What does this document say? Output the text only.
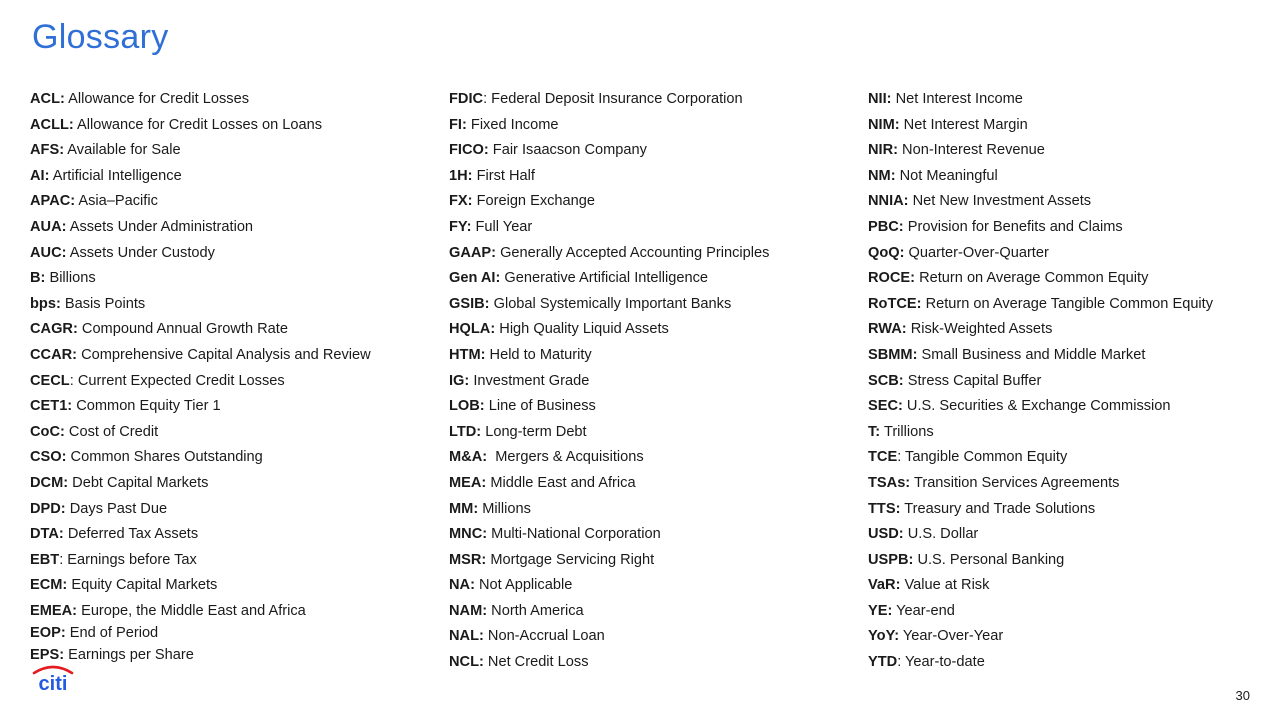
Glossary
ACL: Allowance for Credit Losses
ACLL: Allowance for Credit Losses on Loans
AFS: Available for Sale
AI: Artificial Intelligence
APAC: Asia–Pacific
AUA: Assets Under Administration
AUC: Assets Under Custody
B: Billions
bps: Basis Points
CAGR: Compound Annual Growth Rate
CCAR: Comprehensive Capital Analysis and Review
CECL: Current Expected Credit Losses
CET1: Common Equity Tier 1
CoC: Cost of Credit
CSO: Common Shares Outstanding
DCM: Debt Capital Markets
DPD: Days Past Due
DTA: Deferred Tax Assets
EBT: Earnings before Tax
ECM: Equity Capital Markets
EMEA: Europe, the Middle East and Africa
EOP: End of Period
EPS: Earnings per Share
FDIC: Federal Deposit Insurance Corporation
FI: Fixed Income
FICO: Fair Isaacson Company
1H: First Half
FX: Foreign Exchange
FY: Full Year
GAAP: Generally Accepted Accounting Principles
Gen AI: Generative Artificial Intelligence
GSIB: Global Systemically Important Banks
HQLA: High Quality Liquid Assets
HTM: Held to Maturity
IG: Investment Grade
LOB: Line of Business
LTD: Long-term Debt
M&A:  Mergers & Acquisitions
MEA: Middle East and Africa
MM: Millions
MNC: Multi-National Corporation
MSR: Mortgage Servicing Right
NA: Not Applicable
NAM: North America
NAL: Non-Accrual Loan
NCL: Net Credit Loss
NII: Net Interest Income
NIM: Net Interest Margin
NIR: Non-Interest Revenue
NM: Not Meaningful
NNIA: Net New Investment Assets
PBC: Provision for Benefits and Claims
QoQ: Quarter-Over-Quarter
ROCE: Return on Average Common Equity
RoTCE: Return on Average Tangible Common Equity
RWA: Risk-Weighted Assets
SBMM: Small Business and Middle Market
SCB: Stress Capital Buffer
SEC: U.S. Securities & Exchange Commission
T: Trillions
TCE: Tangible Common Equity
TSAs: Transition Services Agreements
TTS: Treasury and Trade Solutions
USD: U.S. Dollar
USPB: U.S. Personal Banking
VaR: Value at Risk
YE: Year-end
YoY: Year-Over-Year
YTD: Year-to-date
citi
30
